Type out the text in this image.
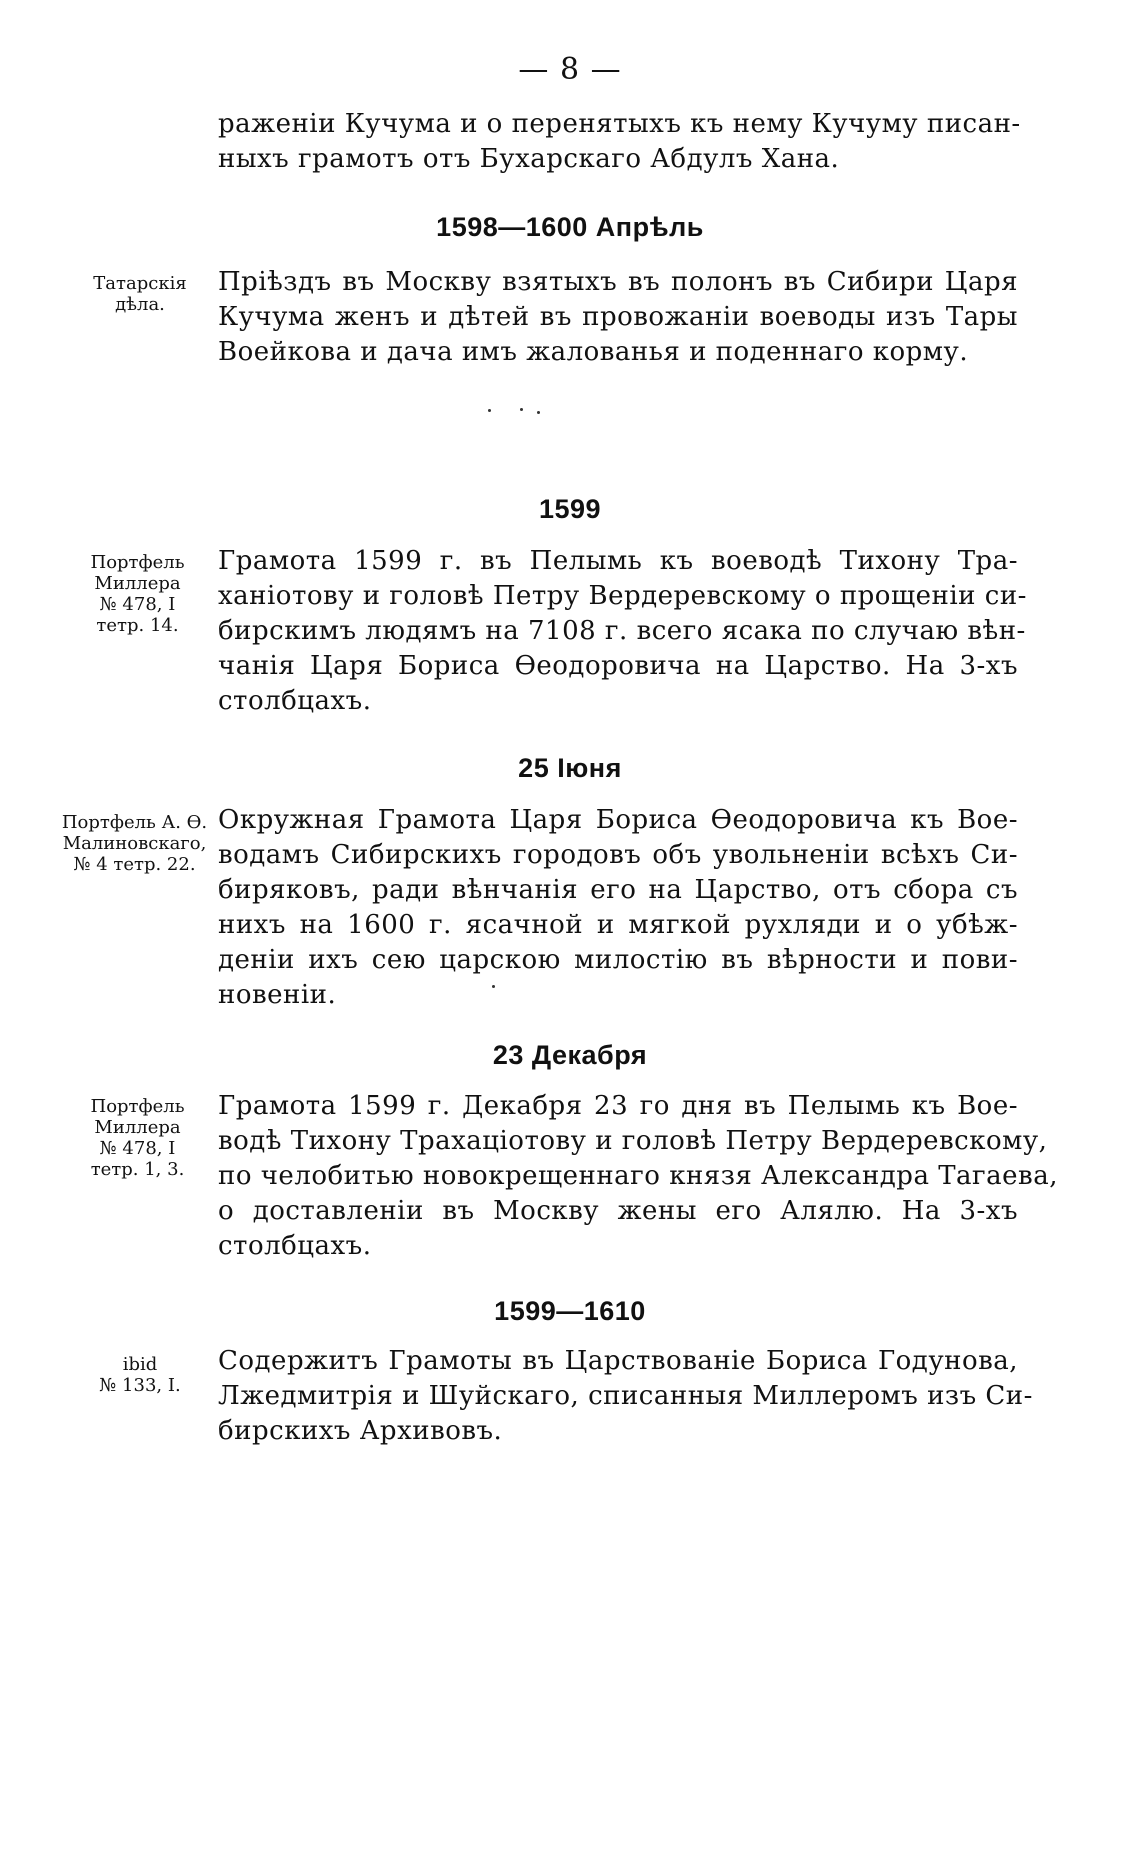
— 8 —
раженіи Кучума и о перенятыхъ къ нему Кучуму писан-
ныхъ грамотъ отъ Бухарскаго Абдулъ Хана.
1598—1600 Апрѣль
Татарскія
дѣла.
Пріѣздъ въ Москву взятыхъ въ полонъ въ Сибири Царя
Кучума женъ и дѣтей въ провожаніи воеводы изъ Тары
Воейкова и дача имъ жалованья и поденнаго корму.
1599
Портфель
Миллера
№ 478, I
тетр. 14.
Грамота 1599 г. въ Пелымь къ воеводѣ Тихону Тра-
ханіотову и головѣ Петру Вердеревскому о прощеніи си-
бирскимъ людямъ на 7108 г. всего ясака по случаю вѣн-
чанія Царя Бориса Ѳеодоровича на Царство. На 3-хъ
столбцахъ.
25 Іюня
Портфель А. Ѳ.
Малиновскаго,
№ 4 тетр. 22.
Окружная Грамота Царя Бориса Ѳеодоровича къ Вое-
водамъ Сибирскихъ городовъ объ увольненіи всѣхъ Си-
биряковъ, ради вѣнчанія его на Царство, отъ сбора съ
нихъ на 1600 г. ясачной и мягкой рухляди и о убѣж-
деніи ихъ сею царскою милостію въ вѣрности и пови-
новеніи.
23 Декабря
Портфель
Миллера
№ 478, I
тетр. 1, 3.
Грамота 1599 г. Декабря 23 го дня въ Пелымь къ Вое-
водѣ Тихону Трахаціотову и головѣ Петру Вердеревскому,
по челобитью новокрещеннаго князя Александра Тагаева,
о доставленіи въ Москву жены его Алялю. На 3-хъ
столбцахъ.
1599—1610
ibid
№ 133, I.
Содержитъ Грамоты въ Царствованіе Бориса Годунова,
Лжедмитрія и Шуйскаго, списанныя Миллеромъ изъ Си-
бирскихъ Архивовъ.
